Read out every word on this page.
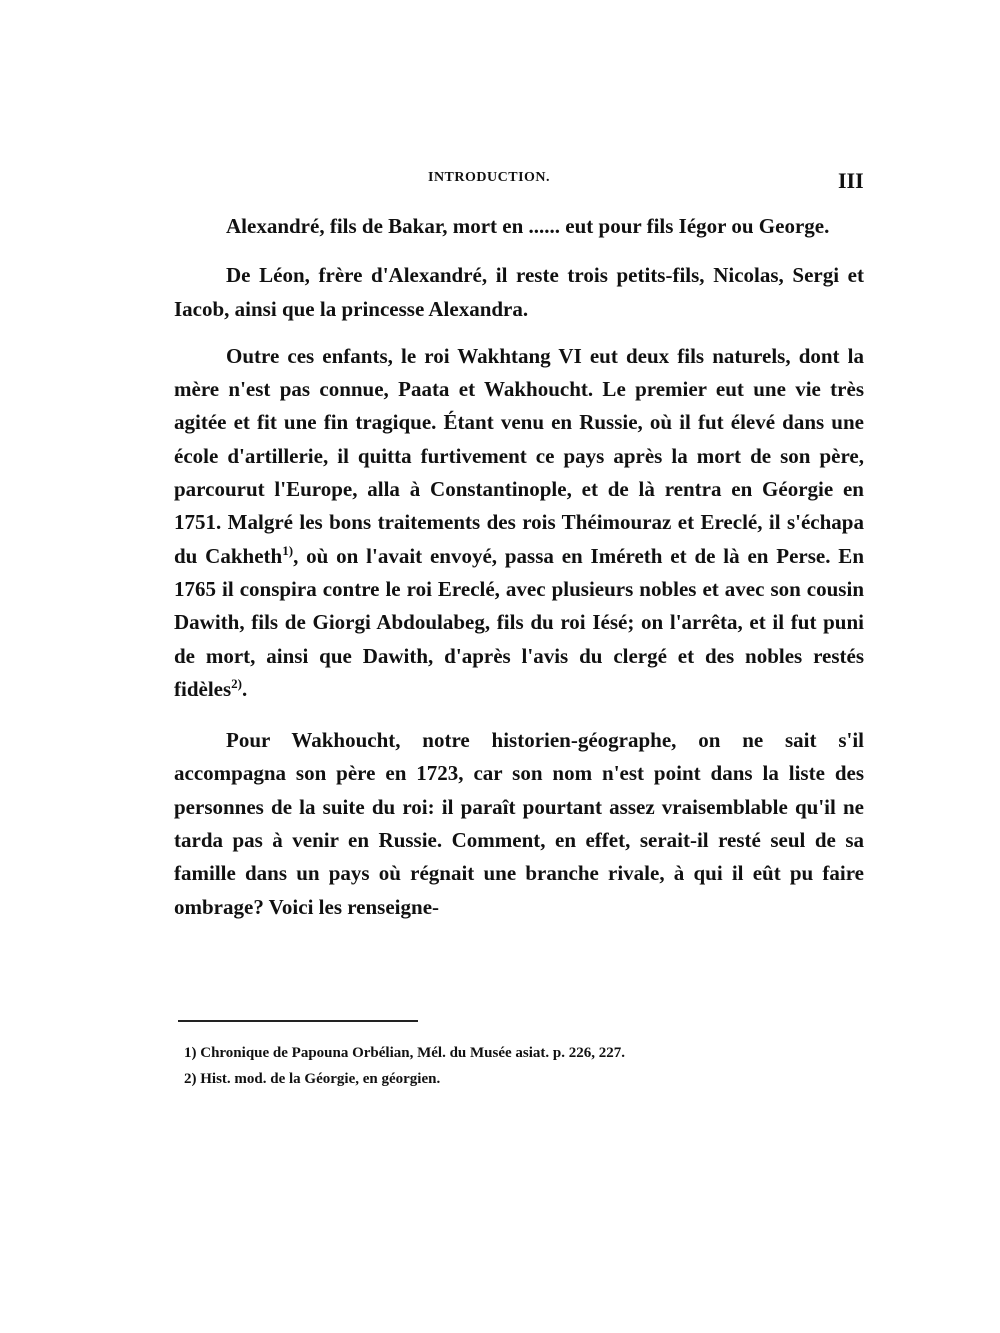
INTRODUCTION.	III

Alexandré, fils de Bakar, mort en ...... eut pour fils Iégor ou George.

De Léon, frère d'Alexandré, il reste trois petits-fils, Nicolas, Sergi et Iacob, ainsi que la princesse Alexandra.

Outre ces enfants, le roi Wakhtang VI eut deux fils naturels, dont la mère n'est pas connue, Paata et Wakhoucht. Le premier eut une vie très agitée et fit une fin tragique. Étant venu en Russie, où il fut élevé dans une école d'artillerie, il quitta furtivement ce pays après la mort de son père, parcourut l'Europe, alla à Constantinople, et de là rentra en Géorgie en 1751. Malgré les bons traitements des rois Théimouraz et Ereclé, il s'échapa du Cakheth$^{1)}$, où on l'avait envoyé, passa en Iméreth et de là en Perse. En 1765 il conspira contre le roi Ereclé, avec plusieurs nobles et avec son cousin Dawith, fils de Giorgi Abdoulabeg, fils du roi Iésé; on l'arrêta, et il fut puni de mort, ainsi que Dawith, d'après l'avis du clergé et des nobles restés fidèles$^{2)}$.

Pour Wakhoucht, notre historien-géographe, on ne sait s'il accompagna son père en 1723, car son nom n'est point dans la liste des personnes de la suite du roi: il paraît pourtant assez vraisemblable qu'il ne tarda pas à venir en Russie. Comment, en effet, serait-il resté seul de sa famille dans un pays où régnait une branche rivale, à qui il eût pu faire ombrage? Voici les renseigne-

1) Chronique de Papouna Orbélian, Mél. du Musée asiat. p. 226, 227.
2) Hist. mod. de la Géorgie, en géorgien.
